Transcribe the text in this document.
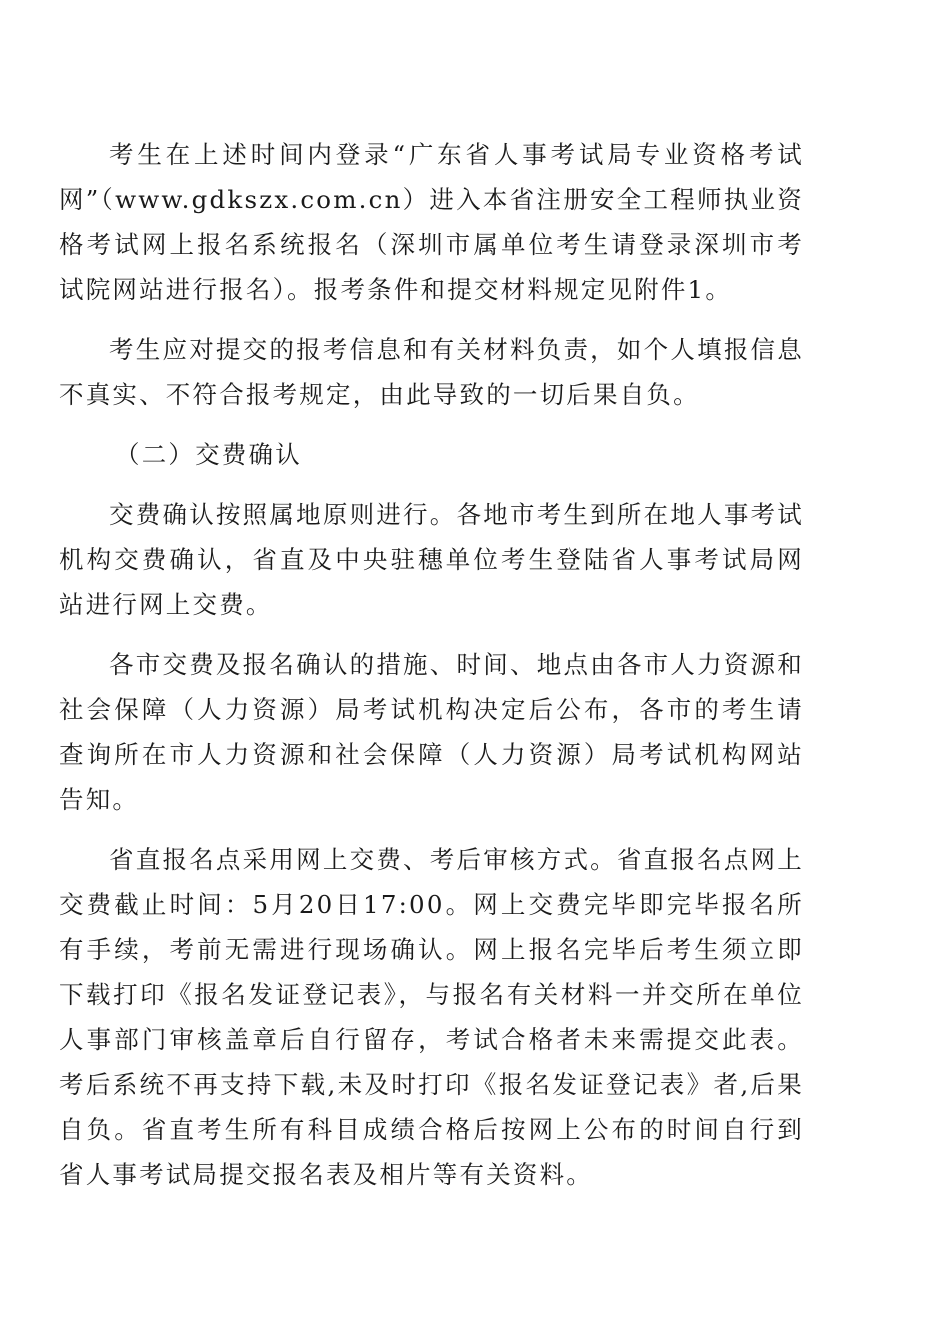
考生在上述时间内登录“广东省人事考试局专业资格考试网”（www.gdkszx.com.cn）进入本省注册安全工程师执业资格考试网上报名系统报名（深圳市属单位考生请登录深圳市考试院网站进行报名）。报考条件和提交材料规定见附件1。

考生应对提交的报考信息和有关材料负责，如个人填报信息不真实、不符合报考规定，由此导致的一切后果自负。

（二）交费确认

交费确认按照属地原则进行。各地市考生到所在地人事考试机构交费确认，省直及中央驻穗单位考生登陆省人事考试局网站进行网上交费。

各市交费及报名确认的措施、时间、地点由各市人力资源和社会保障（人力资源）局考试机构决定后公布，各市的考生请查询所在市人力资源和社会保障（人力资源）局考试机构网站告知。

省直报名点采用网上交费、考后审核方式。省直报名点网上交费截止时间：5月20日17:00。网上交费完毕即完毕报名所有手续，考前无需进行现场确认。网上报名完毕后考生须立即下载打印《报名发证登记表》，与报名有关材料一并交所在单位人事部门审核盖章后自行留存，考试合格者未来需提交此表。考后系统不再支持下载,未及时打印《报名发证登记表》者,后果自负。省直考生所有科目成绩合格后按网上公布的时间自行到省人事考试局提交报名表及相片等有关资料。
